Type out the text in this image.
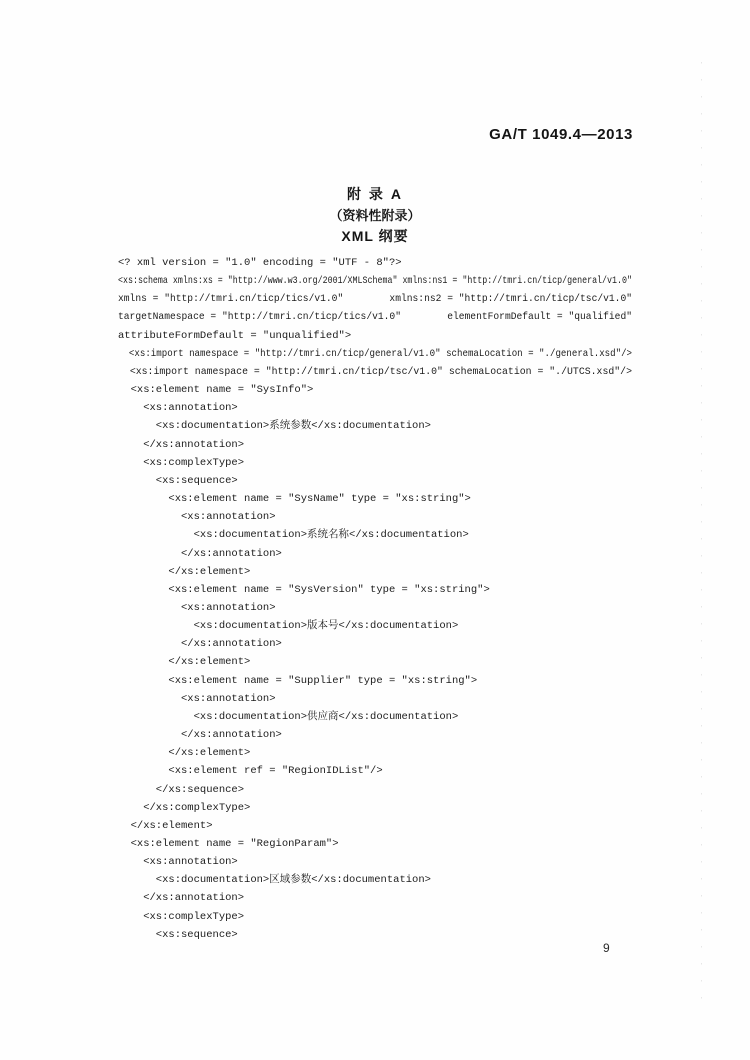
GA/T 1049.4—2013
附 录 A
（资料性附录）
XML 纲要
<? xml version = "1.0" encoding = "UTF - 8"?>
<xs:schema xmlns:xs = "http://www.w3.org/2001/XMLSchema" xmlns:ns1 = "http://tmri.cn/ticp/general/v1.0"
xmlns = "http://tmri.cn/ticp/tics/v1.0"        xmlns:ns2 = "http://tmri.cn/ticp/tsc/v1.0"
targetNamespace = "http://tmri.cn/ticp/tics/v1.0"        elementFormDefault = "qualified"
attributeFormDefault = "unqualified">
<xs:import namespace = "http://tmri.cn/ticp/general/v1.0" schemaLocation = "./general.xsd"/>
<xs:import namespace = "http://tmri.cn/ticp/tsc/v1.0" schemaLocation = "./UTCS.xsd"/>
<xs:element name = "SysInfo">
<xs:annotation>
<xs:documentation>系统参数</xs:documentation>
</xs:annotation>
<xs:complexType>
<xs:sequence>
<xs:element name = "SysName" type = "xs:string">
<xs:annotation>
<xs:documentation>系统名称</xs:documentation>
</xs:annotation>
</xs:element>
<xs:element name = "SysVersion" type = "xs:string">
<xs:annotation>
<xs:documentation>版本号</xs:documentation>
</xs:annotation>
</xs:element>
<xs:element name = "Supplier" type = "xs:string">
<xs:annotation>
<xs:documentation>供应商</xs:documentation>
</xs:annotation>
</xs:element>
<xs:element ref = "RegionIDList"/>
</xs:sequence>
</xs:complexType>
</xs:element>
<xs:element name = "RegionParam">
<xs:annotation>
<xs:documentation>区域参数</xs:documentation>
</xs:annotation>
<xs:complexType>
<xs:sequence>
9
